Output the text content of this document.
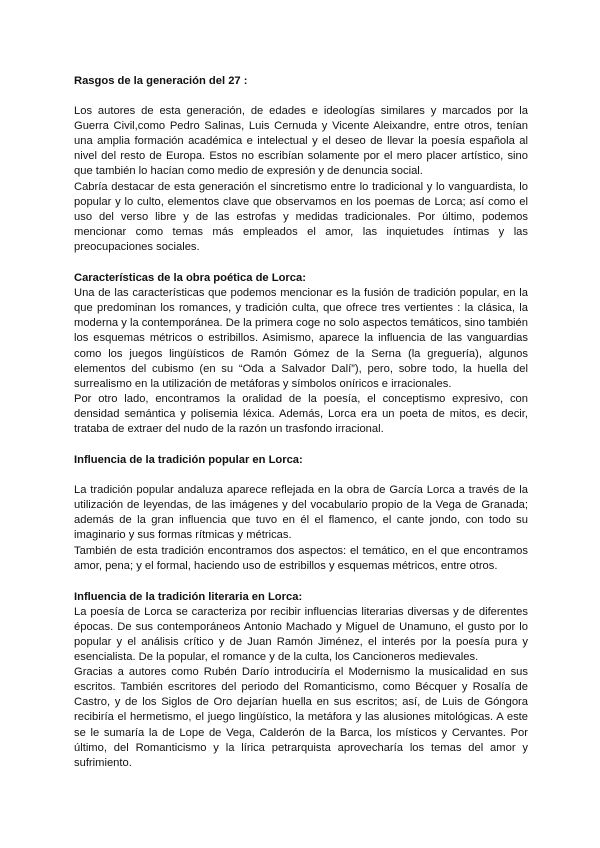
Rasgos de la generación del 27 :

Los autores de esta generación, de edades e ideologías similares y marcados por la Guerra Civil,como Pedro Salinas, Luis Cernuda y Vicente Aleixandre, entre otros, tenían una amplia formación académica e intelectual y el deseo de llevar la poesía española al nivel del resto de Europa. Estos no escribían solamente por el mero placer artístico, sino que también lo hacían como medio de expresión y de denuncia social.

Cabría destacar de esta generación el sincretismo entre lo tradicional y lo vanguardista, lo popular y lo culto, elementos clave que observamos en los poemas de Lorca; así como el uso del verso libre y de las estrofas y medidas tradicionales. Por último, podemos mencionar como temas más empleados el amor, las inquietudes íntimas y las preocupaciones sociales.

Características de la obra poética de Lorca:

Una de las características que podemos mencionar es la fusión de tradición popular, en la que predominan los romances, y tradición culta, que ofrece tres vertientes : la clásica, la moderna y la contemporánea. De la primera coge no solo aspectos temáticos, sino también los esquemas métricos o estribillos. Asimismo, aparece la influencia de las vanguardias como los juegos lingüísticos de Ramón Gómez de la Serna (la greguería), algunos elementos del cubismo (en su “Oda a Salvador Dalí”), pero, sobre todo, la huella del surrealismo en la utilización de metáforas y símbolos oníricos e irracionales.

Por otro lado, encontramos la oralidad de la poesía, el conceptismo expresivo, con densidad semántica y polisemia léxica. Además, Lorca era un poeta de mitos, es decir, trataba de extraer del nudo de la razón un trasfondo irracional.

Influencia de la tradición popular en Lorca:

La tradición popular andaluza aparece reflejada en la obra de García Lorca a través de la utilización de leyendas, de las imágenes y del vocabulario propio de la Vega de Granada; además de la gran influencia que tuvo en él el flamenco, el cante jondo, con todo su imaginario y sus formas rítmicas y métricas.

También de esta tradición encontramos dos aspectos: el temático, en el que encontramos amor, pena; y el formal, haciendo uso de estribillos y esquemas métricos, entre otros.

Influencia de la tradición literaria en Lorca:

La poesía de Lorca se caracteriza por recibir influencias literarias diversas y de diferentes épocas. De sus contemporáneos Antonio Machado y Miguel de Unamuno, el gusto por lo popular y el análisis crítico y de Juan Ramón Jiménez, el interés por la poesía pura y esencialista. De la popular, el romance y de la culta, los Cancioneros medievales.

Gracias a autores como Rubén Darío introduciría el Modernismo la musicalidad en sus escritos. También escritores del periodo del Romanticismo, como Bécquer y Rosalía de Castro, y de los Siglos de Oro dejarían huella en sus escritos; así, de Luis de Góngora recibiría el hermetismo, el juego lingüístico, la metáfora y las alusiones mitológicas. A este se le sumaría la de Lope de Vega, Calderón de la Barca, los místicos y Cervantes. Por último, del Romanticismo y la lírica petrarquista aprovecharía los temas del amor y sufrimiento.
